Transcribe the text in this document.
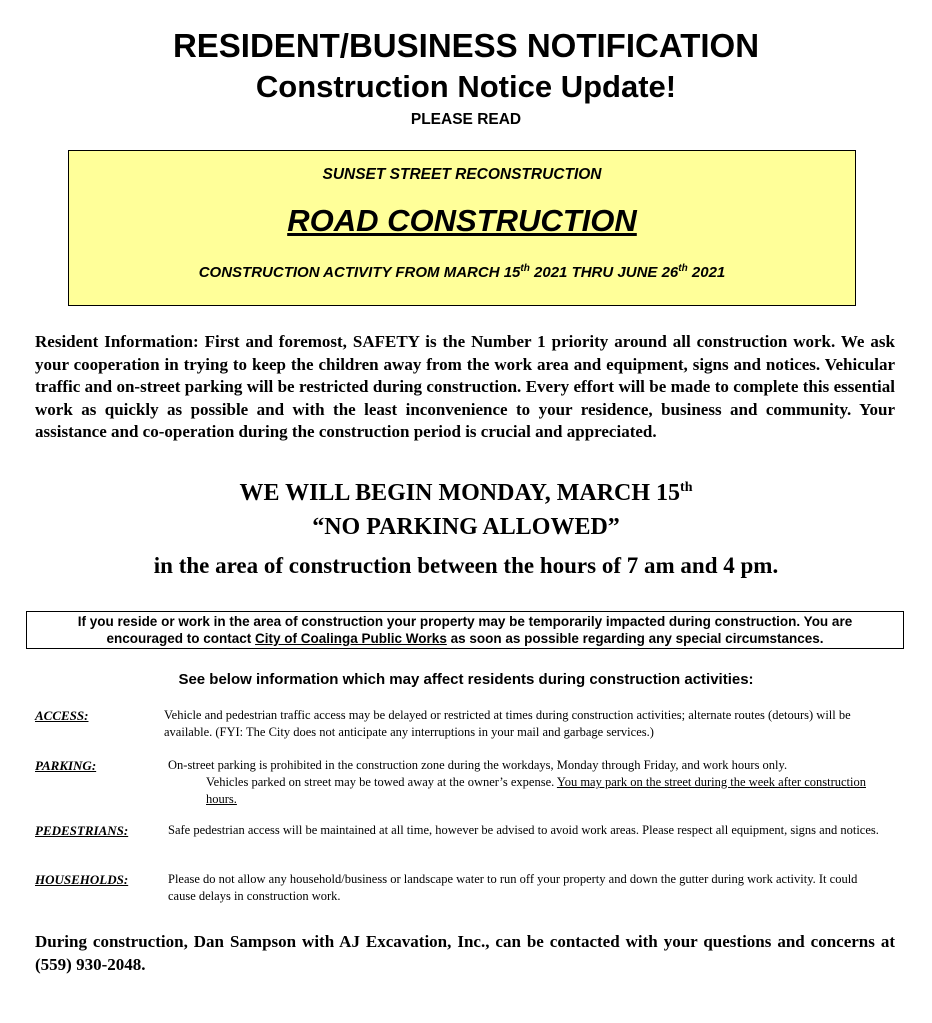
RESIDENT/BUSINESS NOTIFICATION
Construction Notice Update!
PLEASE READ
SUNSET STREET RECONSTRUCTION
ROAD CONSTRUCTION
CONSTRUCTION ACTIVITY FROM MARCH 15th 2021 THRU JUNE 26th 2021
Resident Information: First and foremost, SAFETY is the Number 1 priority around all construction work. We ask your cooperation in trying to keep the children away from the work area and equipment, signs and notices. Vehicular traffic and on-street parking will be restricted during construction. Every effort will be made to complete this essential work as quickly as possible and with the least inconvenience to your residence, business and community. Your assistance and co-operation during the construction period is crucial and appreciated.
WE WILL BEGIN MONDAY, MARCH 15th
“NO PARKING ALLOWED”
in the area of construction between the hours of 7 am and 4 pm.
If you reside or work in the area of construction your property may be temporarily impacted during construction. You are
encouraged to contact City of Coalinga Public Works as soon as possible regarding any special circumstances.
See below information which may affect residents during construction activities:
ACCESS:	Vehicle and pedestrian traffic access may be delayed or restricted at times during construction activities; alternate routes (detours) will be available. (FYI: The City does not anticipate any interruptions in your mail and garbage services.)
PARKING:	On-street parking is prohibited in the construction zone during the workdays, Monday through Friday, and work hours only.
Vehicles parked on street may be towed away at the owner’s expense. You may park on the street during the week after construction hours.
PEDESTRIANS:	Safe pedestrian access will be maintained at all time, however be advised to avoid work areas. Please respect all equipment, signs and notices.
HOUSEHOLDS:	Please do not allow any household/business or landscape water to run off your property and down the gutter during work activity. It could cause delays in construction work.
During construction, Dan Sampson with AJ Excavation, Inc., can be contacted with your questions and concerns at (559) 930-2048.
